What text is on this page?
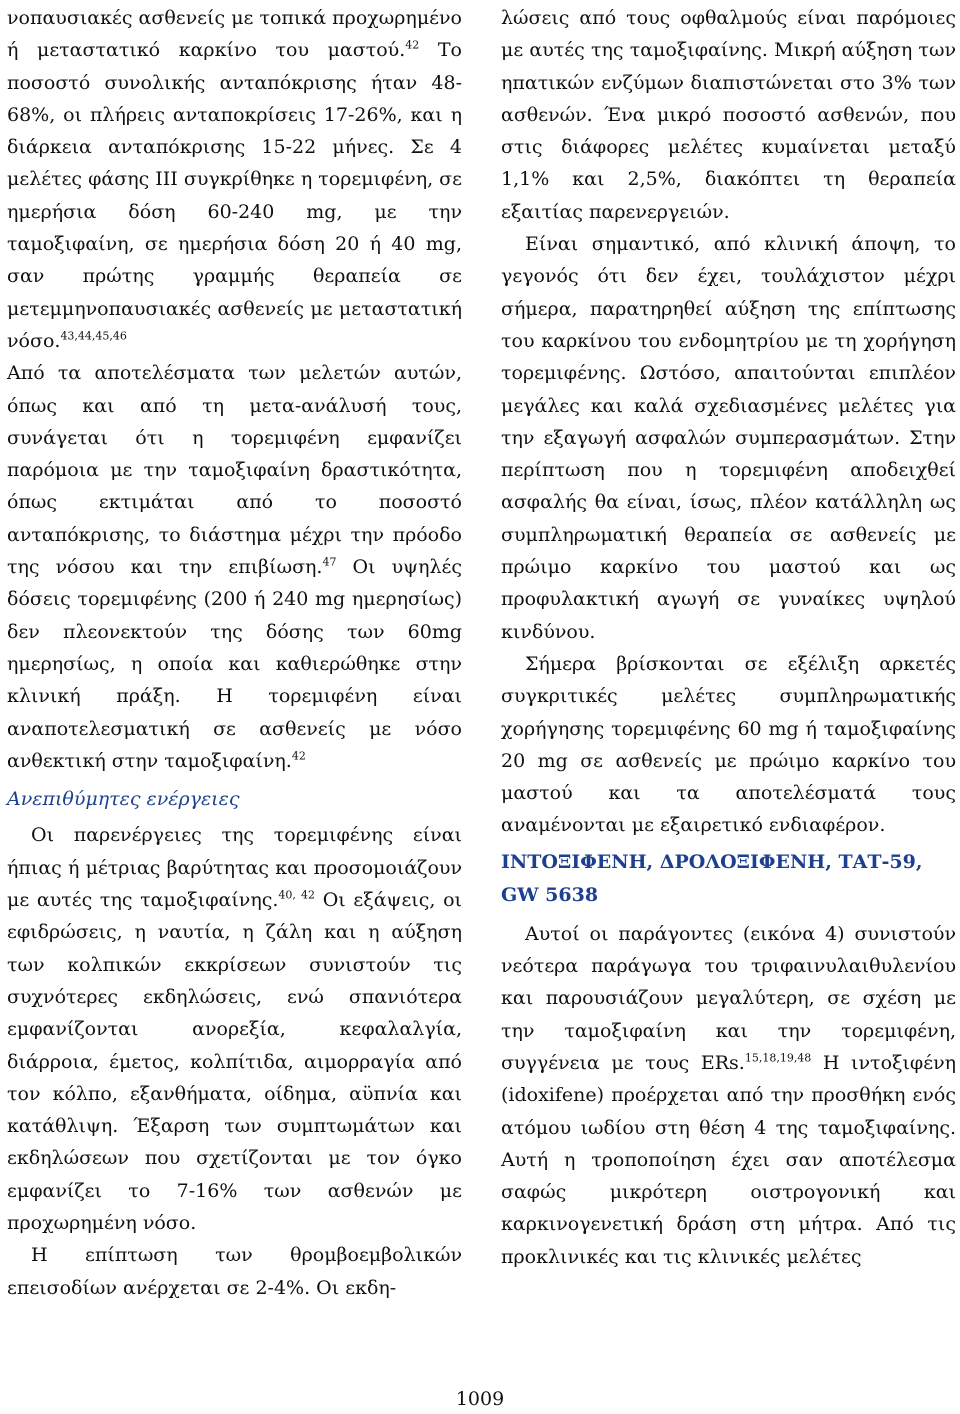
νοπαυσιακές ασθενείς με τοπικά προχωρημένο ή μεταστατικό καρκίνο του μαστού.$^{42}$ Το ποσοστό συνολικής ανταπόκρισης ήταν 48-68%, οι πλήρεις ανταποκρίσεις 17-26%, και η διάρκεια ανταπόκρισης 15-22 μήνες. Σε 4 μελέτες φάσης ΙΙΙ συγκρίθηκε η τορεμιφένη, σε ημερήσια δόση 60-240 mg, με την ταμοξιφαίνη, σε ημερήσια δόση 20 ή 40 mg, σαν πρώτης γραμμής θεραπεία σε μετεμμηνοπαυσιακές ασθενείς με μεταστατική νόσο.$^{43,44,45,46}$

Από τα αποτελέσματα των μελετών αυτών, όπως και από τη μετα-ανάλυσή τους, συνάγεται ότι η τορεμιφένη εμφανίζει παρόμοια με την ταμοξιφαίνη δραστικότητα, όπως εκτιμάται από το ποσοστό ανταπόκρισης, το διάστημα μέχρι την πρόοδο της νόσου και την επιβίωση.$^{47}$ Οι υψηλές δόσεις τορεμιφένης (200 ή 240 mg ημερησίως) δεν πλεονεκτούν της δόσης των 60mg ημερησίως, η οποία και καθιερώθηκε στην κλινική πράξη. Η τορεμιφένη είναι αναποτελεσματική σε ασθενείς με νόσο ανθεκτική στην ταμοξιφαίνη.$^{42}$

Ανεπιθύμητες ενέργειες

Οι παρενέργειες της τορεμιφένης είναι ήπιας ή μέτριας βαρύτητας και προσομοιάζουν με αυτές της ταμοξιφαίνης.$^{40, 42}$ Οι εξάψεις, οι εφιδρώσεις, η ναυτία, η ζάλη και η αύξηση των κολπικών εκκρίσεων συνιστούν τις συχνότερες εκδηλώσεις, ενώ σπανιότερα εμφανίζονται ανορεξία, κεφαλαλγία, διάρροια, έμετος, κολπίτιδα, αιμορραγία από τον κόλπο, εξανθήματα, οίδημα, αϋπνία και κατάθλιψη. Έξαρση των συμπτωμάτων και εκδηλώσεων που σχετίζονται με τον όγκο εμφανίζει το 7-16% των ασθενών με προχωρημένη νόσο.

Η επίπτωση των θρομβοεμβολικών επεισοδίων ανέρχεται σε 2-4%. Οι εκδη-

λώσεις από τους οφθαλμούς είναι παρόμοιες με αυτές της ταμοξιφαίνης. Μικρή αύξηση των ηπατικών ενζύμων διαπιστώνεται στο 3% των ασθενών. Ένα μικρό ποσοστό ασθενών, που στις διάφορες μελέτες κυμαίνεται μεταξύ 1,1% και 2,5%, διακόπτει τη θεραπεία εξαιτίας παρενεργειών.

Είναι σημαντικό, από κλινική άποψη, το γεγονός ότι δεν έχει, τουλάχιστον μέχρι σήμερα, παρατηρηθεί αύξηση της επίπτωσης του καρκίνου του ενδομητρίου με τη χορήγηση τορεμιφένης. Ωστόσο, απαιτούνται επιπλέον μεγάλες και καλά σχεδιασμένες μελέτες για την εξαγωγή ασφαλών συμπερασμάτων. Στην περίπτωση που η τορεμιφένη αποδειχθεί ασφαλής θα είναι, ίσως, πλέον κατάλληλη ως συμπληρωματική θεραπεία σε ασθενείς με πρώιμο καρκίνο του μαστού και ως προφυλακτική αγωγή σε γυναίκες υψηλού κινδύνου.

Σήμερα βρίσκονται σε εξέλιξη αρκετές συγκριτικές μελέτες συμπληρωματικής χορήγησης τορεμιφένης 60 mg ή ταμοξιφαίνης 20 mg σε ασθενείς με πρώιμο καρκίνο του μαστού και τα αποτελέσματά τους αναμένονται με εξαιρετικό ενδιαφέρον.

ΙΝΤΟΞΙΦΕΝΗ, ΔΡΟΛΟΞΙΦΕΝΗ, ΤΑΤ-59, GW 5638

Αυτοί οι παράγοντες (εικόνα 4) συνιστούν νεότερα παράγωγα του τριφαινυλαιθυλενίου και παρουσιάζουν μεγαλύτερη, σε σχέση με την ταμοξιφαίνη και την τορεμιφένη, συγγένεια με τους ERs.$^{15,18,19,48}$ Η ιντοξιφένη (idoxifene) προέρχεται από την προσθήκη ενός ατόμου ιωδίου στη θέση 4 της ταμοξιφαίνης. Αυτή η τροποποίηση έχει σαν αποτέλεσμα σαφώς μικρότερη οιστρογονική και καρκινογενετική δράση στη μήτρα. Από τις προκλινικές και τις κλινικές μελέτες

1009
